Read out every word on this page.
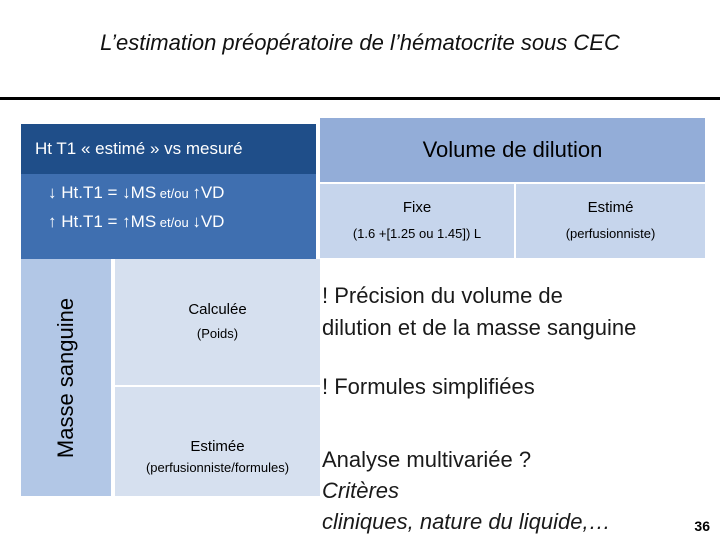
L’estimation préopératoire de l’hématocrite sous CEC
Ht T1 « estimé » vs mesuré
↓ Ht.T1 = ↓MS et/ou ↑VD
↑ Ht.T1 = ↑MS et/ou ↓VD
Masse sanguine	Calculée
(Poids)
Estimée
(perfusionniste/formules)
Volume de dilution
Fixe
(1.6 +[1.25 ou 1.45]) L
Estimé
(perfusionniste)
! Précision du volume de
dilution et de la masse sanguine
! Formules simplifiées
Analyse multivariée ?
Critères
cliniques, nature du liquide,…	36
